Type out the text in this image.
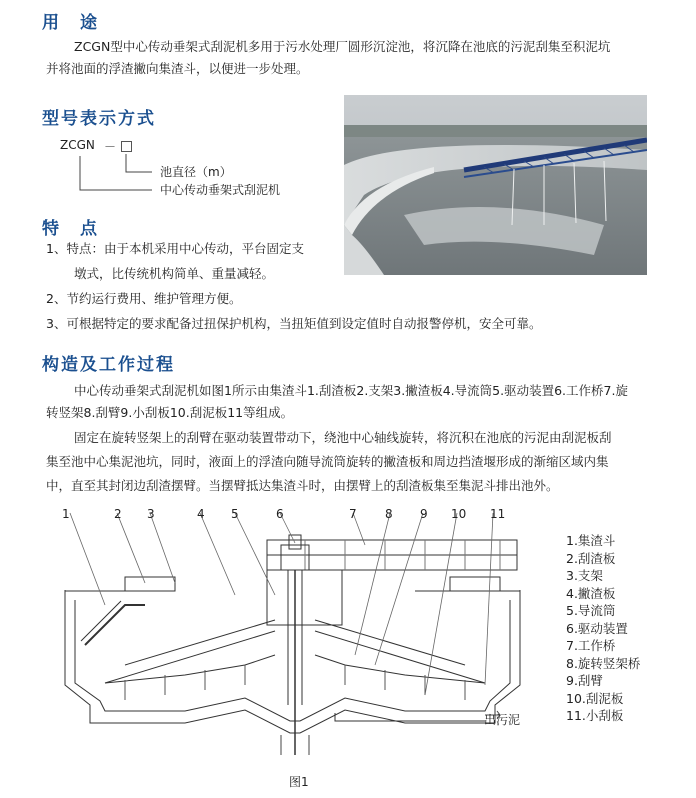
用　途
ZCGN型中心传动垂架式刮泥机多用于污水处理厂圆形沉淀池，将沉降在池底的污泥刮集至积泥坑
并将池面的浮渣撇向集渣斗，以便进一步处理。
型号表示方式
ZCGN －
池直径（m）
中心传动垂架式刮泥机
特　点
1、特点：由于本机采用中心传动，平台固定支
墩式，比传统机构简单、重量减轻。
2、节约运行费用、维护管理方便。
3、可根据特定的要求配备过扭保护机构，当扭矩值到设定值时自动报警停机，安全可靠。
构造及工作过程
中心传动垂架式刮泥机如图1所示由集渣斗1.刮渣板2.支架3.撇渣板4.导流筒5.驱动装置6.工作桥7.旋
转竖架8.刮臂9.小刮板10.刮泥板11等组成。
固定在旋转竖架上的刮臂在驱动装置带动下，绕池中心轴线旋转，将沉积在池底的污泥由刮泥板刮
集至池中心集泥池坑，同时，液面上的浮渣向随导流筒旋转的撇渣板和周边挡渣堰形成的渐缩区域内集
中，直至其封闭边刮渣摆臂。当摆臂抵达集渣斗时，由摆臂上的刮渣板集至集泥斗排出池外。
1	2 3	4 5	6	7 8 9 10 11
出污泥
图1
1.集渣斗
2.刮渣板
3.支架
4.撇渣板
5.导流筒
6.驱动装置
7.工作桥
8.旋转竖架桥
9.刮臂
10.刮泥板
11.小刮板
